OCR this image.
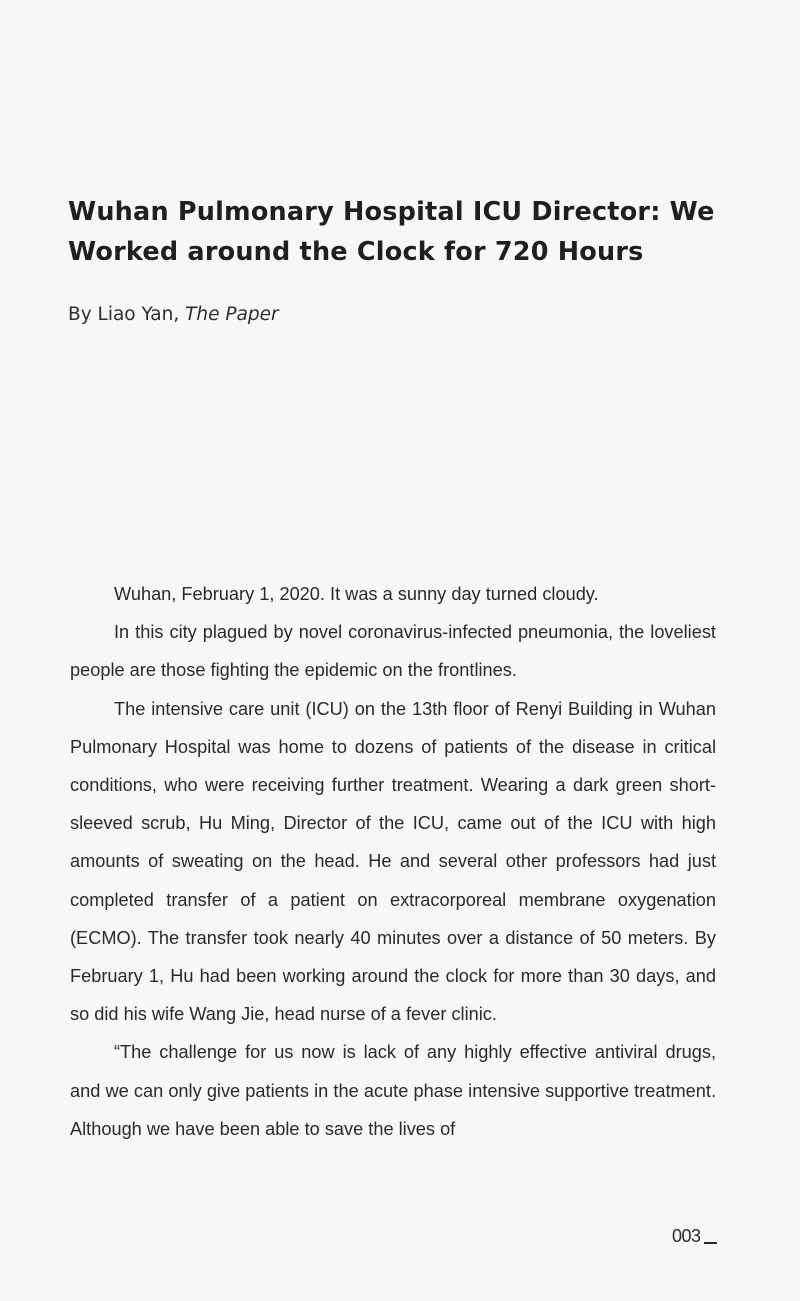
Wuhan Pulmonary Hospital ICU Director: We Worked around the Clock for 720 Hours
By Liao Yan, The Paper

Wuhan, February 1, 2020. It was a sunny day turned cloudy.

In this city plagued by novel coronavirus-infected pneumonia, the loveliest people are those fighting the epidemic on the frontlines.

The intensive care unit (ICU) on the 13th floor of Renyi Building in Wuhan Pulmonary Hospital was home to dozens of patients of the disease in critical conditions, who were receiving further treatment. Wearing a dark green short-sleeved scrub, Hu Ming, Director of the ICU, came out of the ICU with high amounts of sweating on the head. He and several other professors had just completed transfer of a patient on extracorporeal membrane oxygenation (ECMO). The transfer took nearly 40 minutes over a distance of 50 meters. By February 1, Hu had been working around the clock for more than 30 days, and so did his wife Wang Jie, head nurse of a fever clinic.

“The challenge for us now is lack of any highly effective antiviral drugs, and we can only give patients in the acute phase intensive supportive treatment. Although we have been able to save the lives of

003
